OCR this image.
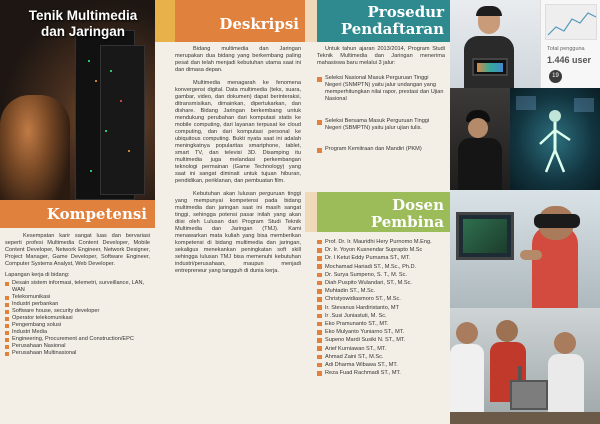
Tenik Multimedia
dan Jaringan
Kompetensi

Kesempatan karir sangat luas dan bervariasi seperti profesi Multimedia Content Developer, Mobile Content Developer, Network Engineer, Network Designer, Project Manager, Game Developer, Software Engineer, Computer Systems Analyst, Web Developer.

Lapangan kerja di bidang:

Desain sistem informasi, telemetri, surveillance, LAN, WAN
Telekomunikasi
Industri perbankan
Software house, security developer
Operator telekomunikasi
Pengembang solusi
Industri Media
Engineering, Procurement and Construction/EPC
Perusahaan Nasional
Perusahaan Multinasional
Deskripsi

Bidang multimedia dan Jaringan merupakan dua bidang yang berkembang paling pesat dan telah menjadi kebutuhan utama saat ini dan dimasa depan.

Multimedia menagarah ke fenomena konvergensi digital. Data multimedia (teks, suara, gambar, video, dan dokumen) dapat berinteraksi, ditransmisikan, dimainkan, dipertukarkan, dan dishare. Bidang Jaringan berkembang untuk mendukung perubahan dari komputasi statis ke mobile computing, dari layanan terpusat ke cloud computing, dan dari komputasi personal ke ubiquitous computing. Bukti nyata saat ini adalah meningkatnya popularitas smartphone, tablet, smart TV, dan televisi 3D. Disamping itu multimedia juga melandasi perkembangan teknologi permainan (Game Technology) yang saat ini sangat diminati untuk tujuan hiburan, pendidikan, periklanan, dan pembuatan film.

Kebutuhan akan lulusan perguruan tinggi yang mempunyai kompetensi pada bidang multimedia dan jaringan saat ini masih sangat tinggi, sehingga potensi pasar inilah yang akan diisi oleh Lulusan dari Program Studi Teknik Multimedia dan Jaringan (TMJ). Kami menawarkan mata kuliah yang bisa memberikan kompetensi di bidang multimedia dan jaringan, sekaligus menekankan peningkatan soft skill sehingga lulusan TMJ bisa memenuhi kebutuhan industri/perusahaan, maupun menjadi entrepreneur yang tangguh di dunia kerja.

Prosedur
Pendaftaran

Untuk tahun ajaran 2013/2014, Program Studi Teknik Multimedia dan Jaringan menerima mahasiswa baru melalui 3 jalur:

Seleksi Nasional Masuk Perguruan Tinggi Negeri (SNMPTN) yaitu jalur undangan yang memperhitungkan nilai rapor, prestasi dan Ujian Nasional
Seleksi Bersama Masuk Perguruan Tinggi Negeri (SBMPTN) yaitu jalur ujian tulis.
Program Kemitraan dan Mandiri (PKM)
Dosen
Pembina
Prof. Dr. Ir. Mauridhi Hery Purnomo M.Eng.
Dr. Ir. Yoyon Kusnendar Suprapto M.Sc
Dr. I Ketut Eddy Purnama ST., MT.
Mochamad Hariadi ST., M.Sc., Ph.D.
Dr. Surya Sumpeno, S. T., M. Sc.
Diah Puspito Wulandari, ST., M.Sc.
Muhtadin ST., M.Sc.
Christyowidiasmoro ST., M.Sc.
Ir. Stevanus Hardiristanto, MT
Ir .Susi Juniastuti, M. Sc.
Eko Pramunanto ST., MT.
Eko Mulyanto Yuniarno ST., MT.
Supeno Mardi Susiki N. ST., MT.
Arief Kurniawan ST., MT.
Ahmad Zaini ST., M.Sc.
Adi Dharma Wibawa ST., MT.
Reza Fuad Rachmadi ST., MT.
Total pengguna
1.446 user
19
